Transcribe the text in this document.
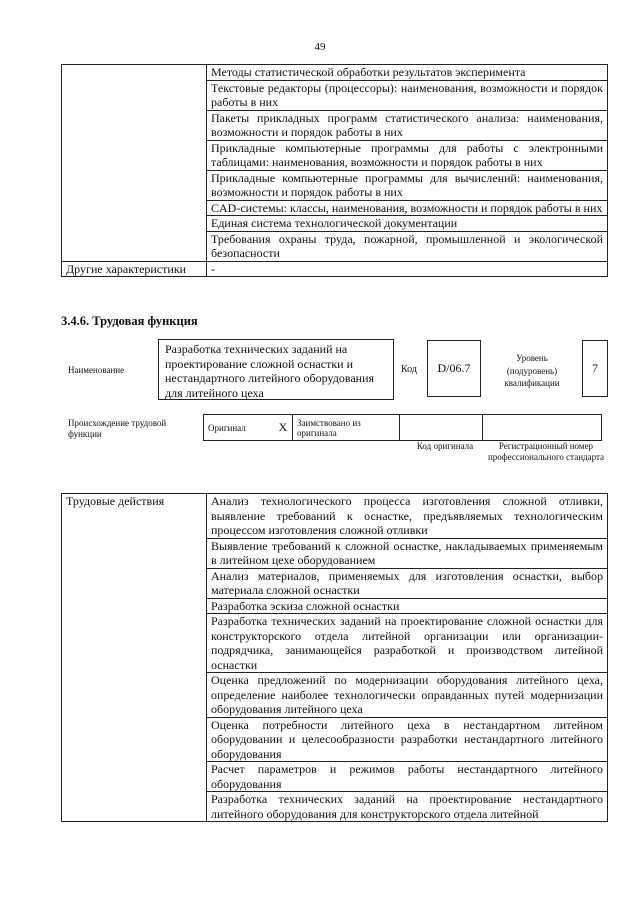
49
	Методы статистической обработки результатов эксперимента
	Текстовые редакторы (процессоры): наименования, возможности и порядок работы в них
	Пакеты прикладных программ статистического анализа: наименования, возможности и порядок работы в них
	Прикладные компьютерные программы для работы с электронными таблицами: наименования, возможности и порядок работы в них
	Прикладные компьютерные программы для вычислений: наименования, возможности и порядок работы в них
	CAD-системы: классы, наименования, возможности и порядок работы в них
	Единая система технологической документации
	Требования охраны труда, пожарной, промышленной и экологической безопасности
Другие характеристики	-
3.4.6. Трудовая функция
Наименование
Разработка технических заданий на проектирование сложной оснастки и нестандартного литейного оборудования для литейного цеха
Код D/06.7
Уровень (подуровень) квалификации
7
Происхождение трудовой функции
Оригинал	X	Заимствовано из оригинала		
Код оригинала	Регистрационный номер профессионального стандарта
Трудовые действия	Анализ технологического процесса изготовления сложной отливки, выявление требований к оснастке, предъявляемых технологическим процессом изготовления сложной отливки
Выявление требований к сложной оснастке, накладываемых применяемым в литейном цехе оборудованием
Анализ материалов, применяемых для изготовления оснастки, выбор материала сложной оснастки
Разработка эскиза сложной оснастки
Разработка технических заданий на проектирование сложной оснастки для конструкторского отдела литейной организации или организации-подрядчика, занимающейся разработкой и производством литейной оснастки
Оценка предложений по модернизации оборудования литейного цеха, определение наиболее технологически оправданных путей модернизации оборудования литейного цеха
Оценка потребности литейного цеха в нестандартном литейном оборудовании и целесообразности разработки нестандартного литейного оборудования
Расчет параметров и режимов работы нестандартного литейного оборудования
Разработка технических заданий на проектирование нестандартного литейного оборудования для конструкторского отдела литейной
